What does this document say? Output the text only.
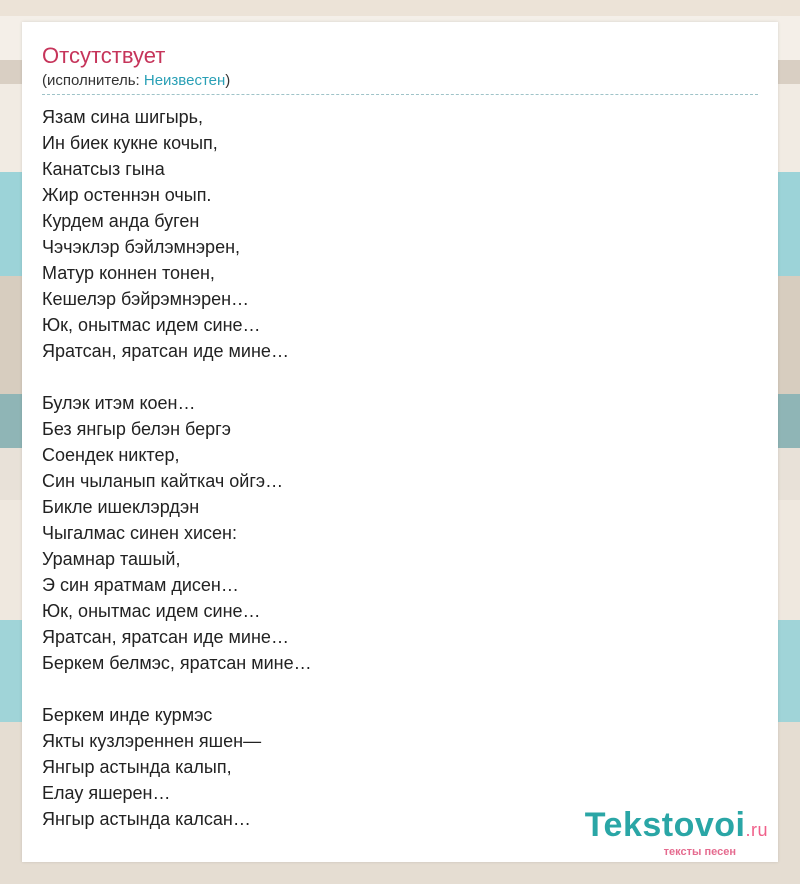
Отсутствует
(исполнитель: Неизвестен)
Язам сина шигырь,
Ин биек кукне кочып,
Канатсыз гына
Жир остеннэн очып.
Курдем анда буген
Чэчэклэр бэйлэмнэрен,
Матур коннен тонен,
Кешелэр бэйрэмнэрен…
Юк, онытмас идем сине…
Яратсан, яратсан иде мине…
Булэк итэм коен…
Без янгыр белэн бергэ
Соендек никтер,
Син чыланып кайткач ойгэ…
Бикле ишеклэрдэн
Чыгалмас синен хисен:
Урамнар ташый,
Э син яратмам дисен…
Юк, онытмас идем сине…
Яратсан, яратсан иде мине…
Беркем белмэс, яратсан мине…
Беркем инде курмэс
Якты кузлэреннен яшен—
Янгыр астында калып,
Елау яшерен…
Янгыр астында калсан…	Tekstovoi.ru
тексты песен
